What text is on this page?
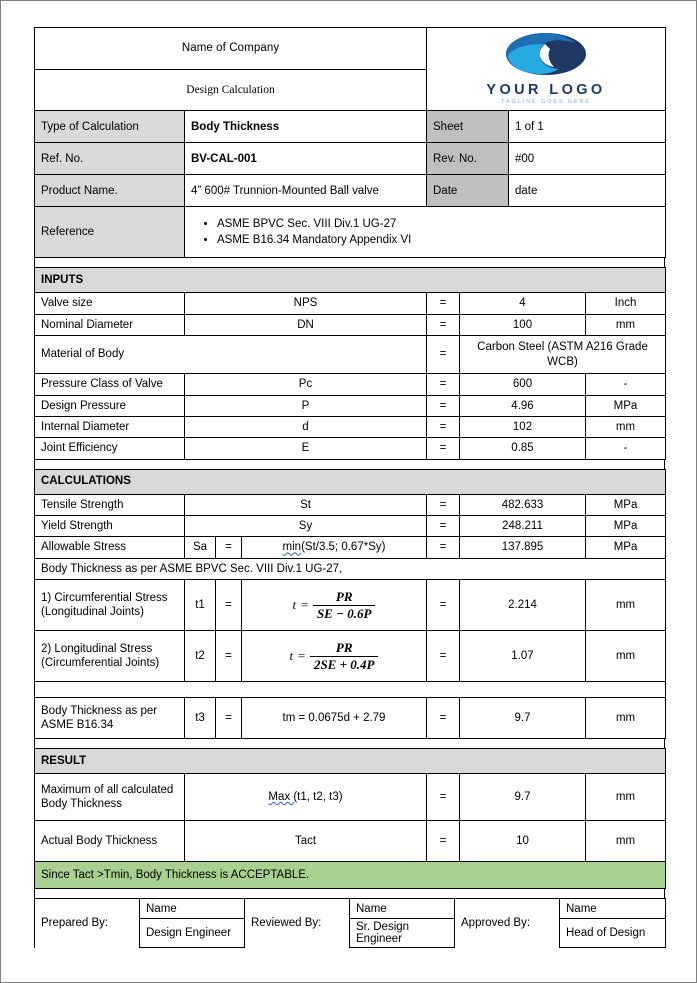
Name of Company		YOUR LOGO
TAGLINE GOES HERE	

Design Calculation			
Type of Calculation	Body Thickness	Sheet	1 of 1
Ref. No.	BV-CAL-001	Rev. No.	#00
Product Name.	4” 600# Trunnion-Mounted Ball valve	Date	date
Reference	
• ASME BPVC Sec. VIII Div.1 UG-27
• ASME B16.34 Mandatory Appendix VI
INPUTS				
Valve size	NPS	=	4	Inch
Nominal Diameter	DN	=	100	mm
Material of Body		=	Carbon Steel (ASTM A216 Grade WCB)	
Pressure Class of Valve	Pc	=	600	-
Design Pressure	P	=	4.96	MPa
Internal Diameter	d	=	102	mm
Joint Efficiency	E	=	0.85	-
CALCULATIONS						
Tensile Strength	St			=	482.633	MPa
Yield Strength	Sy			=	248.211	MPa
Allowable Stress	Sa	=	min(St/3.5; 0.67*Sy)	=	137.895	MPa
Body Thickness as per ASME BPVC Sec. VIII Div.1 UG-27,						
1) Circumferential Stress (Longitudinal Joints)	t1	=	$t = \frac{PR}{SE - 0.6P}$	=	2.214	mm
2) Longitudinal Stress (Circumferential Joints)	t2	=	$t = \frac{PR}{2SE + 0.4P}$	=	1.07	mm

Body Thickness as per ASME B16.34	t3	=	tm = 0.0675d + 2.79	=	9.7	mm
RESULT				
Maximum of all calculated Body Thickness	Max (t1, t2, t3)	=	9.7	mm
Actual Body Thickness	Tact	=	10	mm
Since Tact >Tmin, Body Thickness is ACCEPTABLE.				
Prepared By:	Name	Reviewed By:	Name	Approved By:	Name
	Design Engineer		Sr. Design Engineer		Head of Design
